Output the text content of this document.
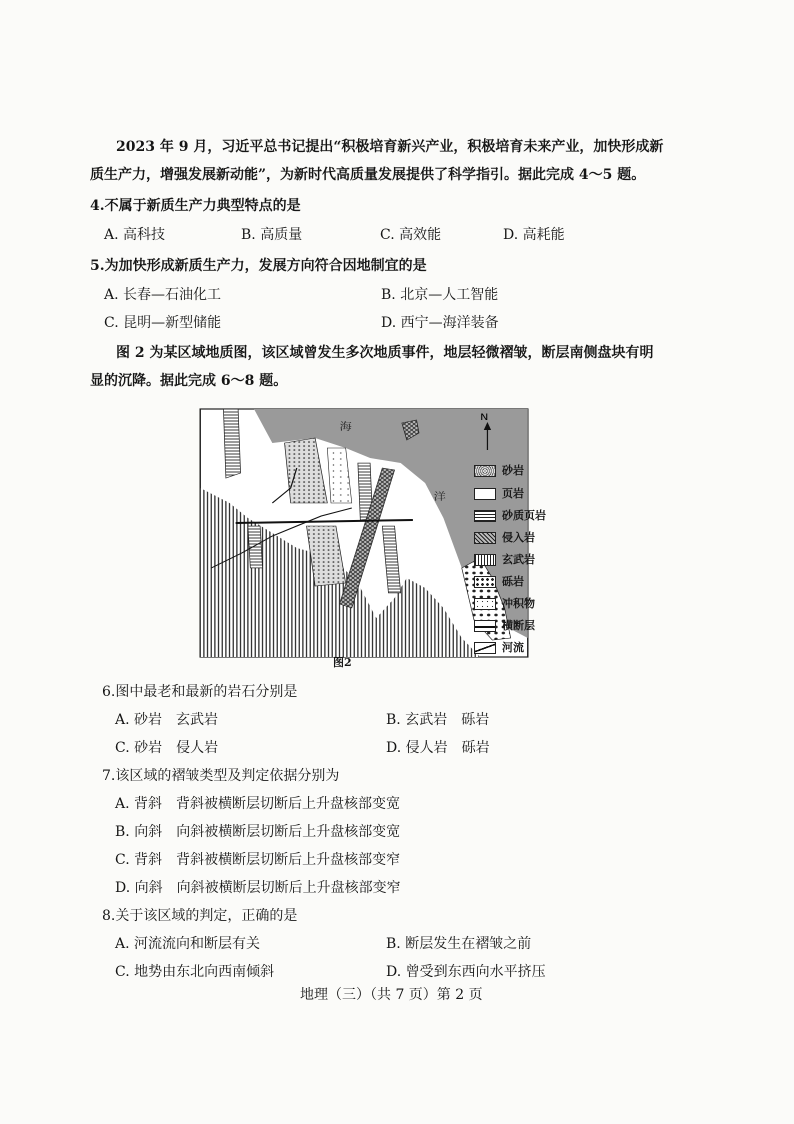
2023 年 9 月，习近平总书记提出“积极培育新兴产业，积极培育未来产业，加快形成新
质生产力，增强发展新动能”，为新时代高质量发展提供了科学指引。据此完成 4～5 题。
4.不属于新质生产力典型特点的是
A. 高科技	B. 高质量	C. 高效能	D. 高耗能
5.为加快形成新质生产力，发展方向符合因地制宜的是
A. 长春—石油化工	B. 北京—人工智能
C. 昆明—新型储能	D. 西宁—海洋装备
图 2 为某区域地质图，该区域曾发生多次地质事件，地层轻微褶皱，断层南侧盘块有明
显的沉降。据此完成 6～8 题。
N
海
洋
砂岩
页岩
砂质页岩
侵入岩
玄武岩
砾岩
冲积物
横断层
河流
图2
6.图中最老和最新的岩石分别是
A. 砂岩　玄武岩	B. 玄武岩　砾岩
C. 砂岩　侵人岩	D. 侵人岩　砾岩
7.该区域的褶皱类型及判定依据分别为
A. 背斜　背斜被横断层切断后上升盘核部变宽
B. 向斜　向斜被横断层切断后上升盘核部变宽
C. 背斜　背斜被横断层切断后上升盘核部变窄
D. 向斜　向斜被横断层切断后上升盘核部变窄
8.关于该区域的判定，正确的是
A. 河流流向和断层有关	B. 断层发生在褶皱之前
C. 地势由东北向西南倾斜	D. 曾受到东西向水平挤压
地理（三）（共 7 页）第 2 页
